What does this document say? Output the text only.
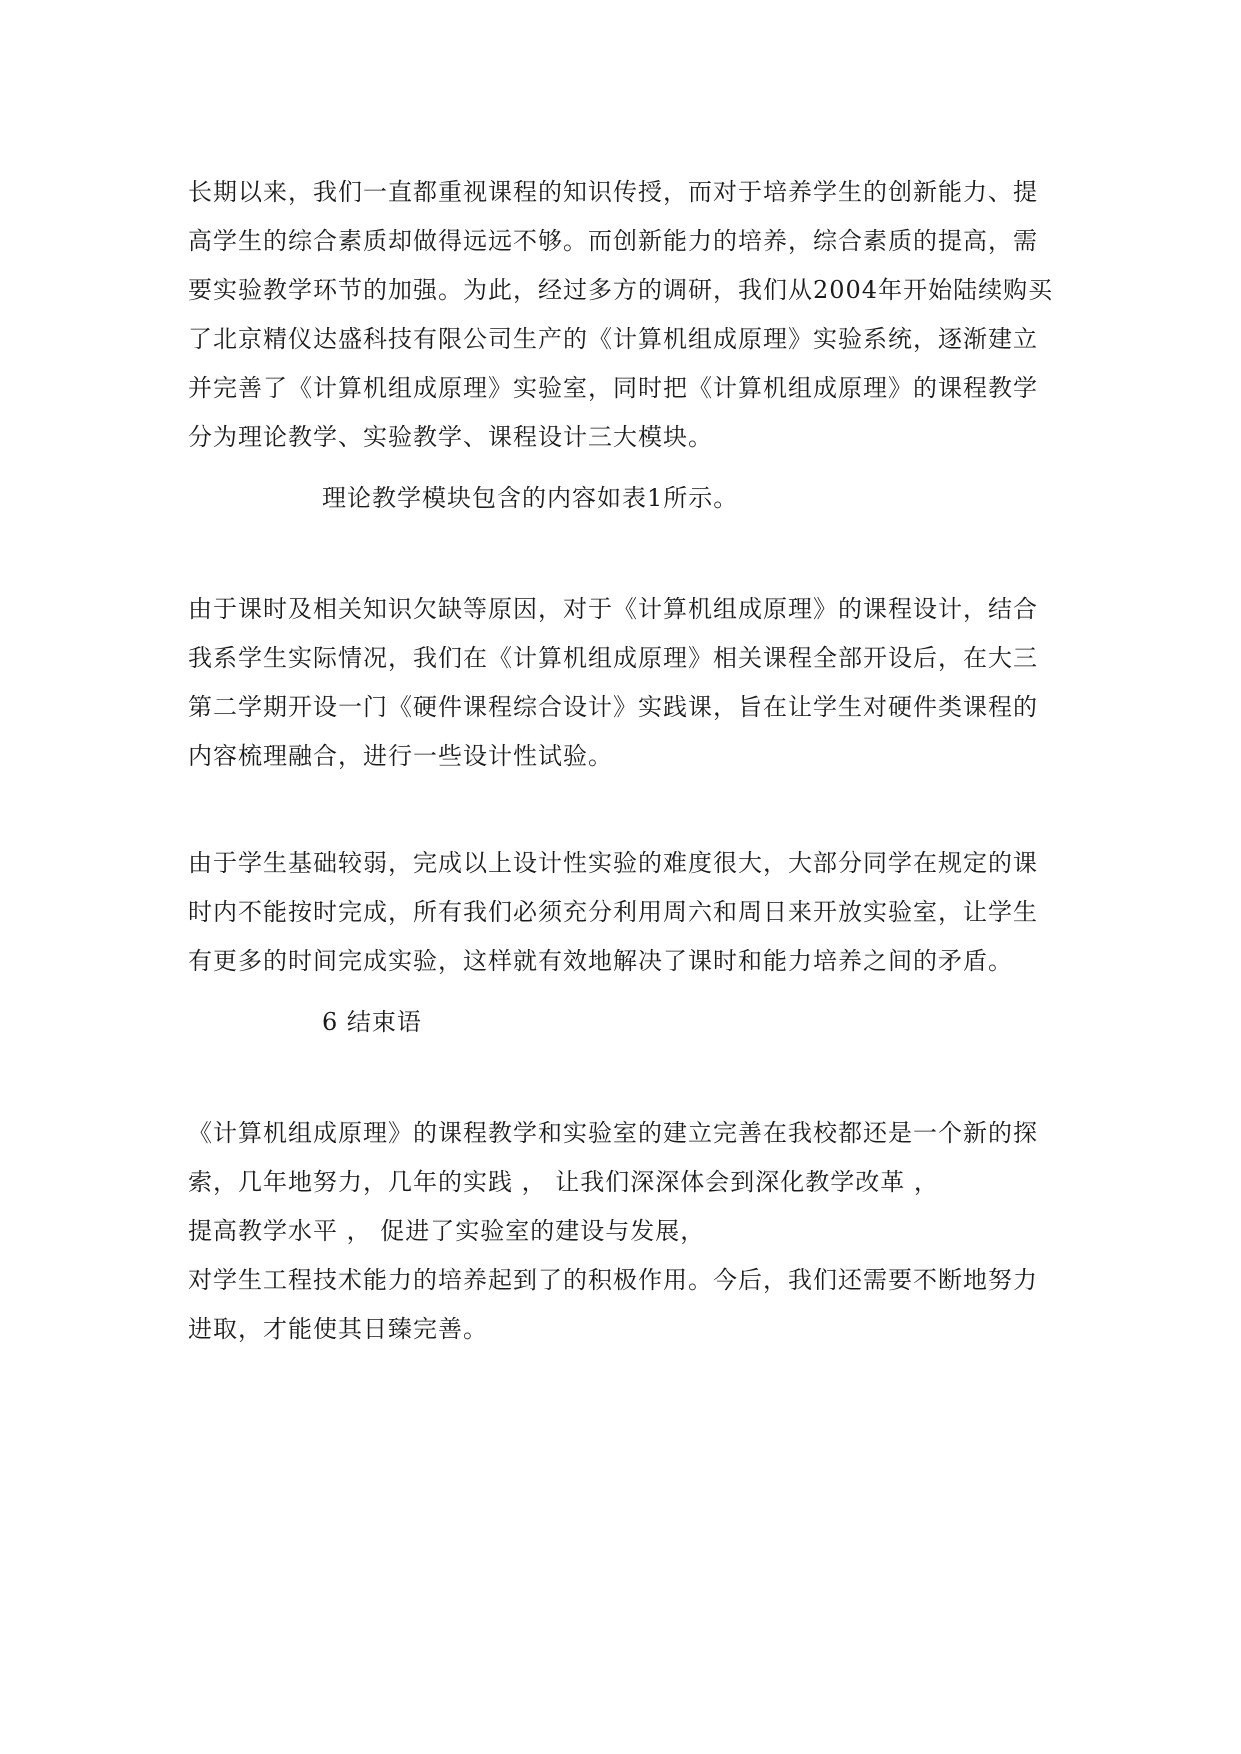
长期以来，我们一直都重视课程的知识传授，而对于培养学生的创新能力、提
高学生的综合素质却做得远远不够。而创新能力的培养，综合素质的提高，需
要实验教学环节的加强。为此，经过多方的调研，我们从2004年开始陆续购买
了北京精仪达盛科技有限公司生产的《计算机组成原理》实验系统，逐渐建立
并完善了《计算机组成原理》实验室，同时把《计算机组成原理》的课程教学
分为理论教学、实验教学、课程设计三大模块。
理论教学模块包含的内容如表1所示。
由于课时及相关知识欠缺等原因，对于《计算机组成原理》的课程设计，结合
我系学生实际情况，我们在《计算机组成原理》相关课程全部开设后，在大三
第二学期开设一门《硬件课程综合设计》实践课，旨在让学生对硬件类课程的
内容梳理融合，进行一些设计性试验。
由于学生基础较弱，完成以上设计性实验的难度很大，大部分同学在规定的课
时内不能按时完成，所有我们必须充分利用周六和周日来开放实验室，让学生
有更多的时间完成实验，这样就有效地解决了课时和能力培养之间的矛盾。
6 结束语
《计算机组成原理》的课程教学和实验室的建立完善在我校都还是一个新的探
索，几年地努力，几年的实践 ， 让我们深深体会到深化教学改革 ，
提高教学水平 ， 促进了实验室的建设与发展，
对学生工程技术能力的培养起到了的积极作用。今后，我们还需要不断地努力
进取，才能使其日臻完善。
